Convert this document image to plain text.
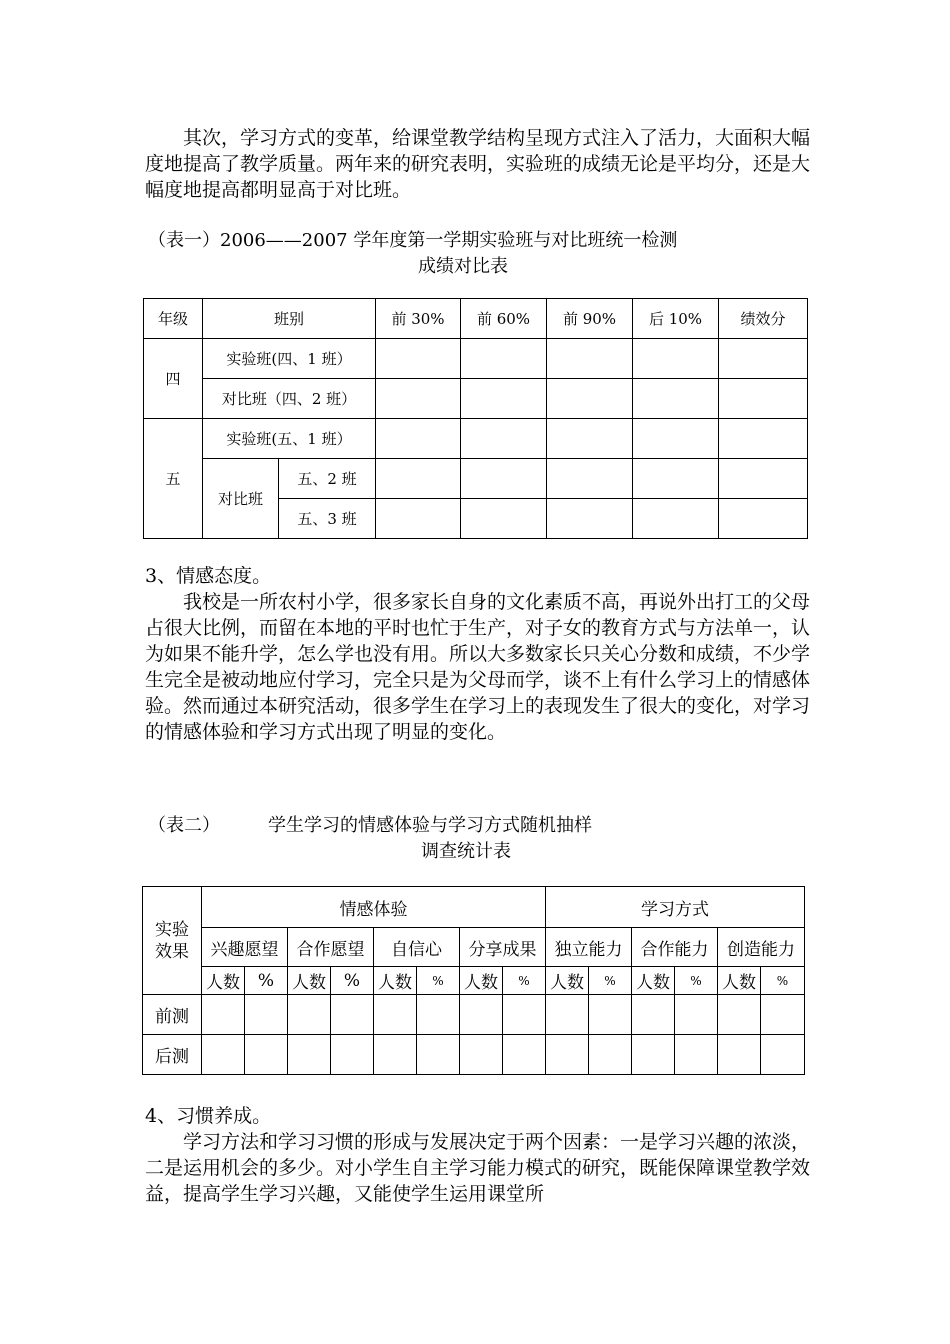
其次，学习方式的变革，给课堂教学结构呈现方式注入了活力，大面积大幅度地提高了教学质量。两年来的研究表明，实验班的成绩无论是平均分，还是大幅度地提高都明显高于对比班。

（表一）2006——2007 学年度第一学期实验班与对比班统一检测

成绩对比表

年级	班别		前 30%	前 60%	前 90%	后 10%	绩效分
四	实验班(四、1 班）						
	对比班（四、2 班）						
五	实验班(五、1 班）						
	对比班	五、2 班					
		五、3 班					

3、情感态度。

我校是一所农村小学，很多家长自身的文化素质不高，再说外出打工的父母占很大比例，而留在本地的平时也忙于生产，对子女的教育方式与方法单一，认为如果不能升学，怎么学也没有用。所以大多数家长只关心分数和成绩，不少学生完全是被动地应付学习，完全只是为父母而学，谈不上有什么学习上的情感体验。然而通过本研究活动，很多学生在学习上的表现发生了很大的变化，对学习的情感体验和学习方式出现了明显的变化。

（表二）	学生学习的情感体验与学习方式随机抽样

调查统计表

实验
效果	情感体验								学习方式					
	兴趣愿望		合作愿望		自信心		分享成果		独立能力		合作能力		创造能力	
	人数	%	人数	%	人数	%	人数	%	人数	%	人数	%	人数	%
前测														
后测														

4、习惯养成。

学习方法和学习习惯的形成与发展决定于两个因素：一是学习兴趣的浓淡，二是运用机会的多少。对小学生自主学习能力模式的研究，既能保障课堂教学效益，提高学生学习兴趣，又能使学生运用课堂所
